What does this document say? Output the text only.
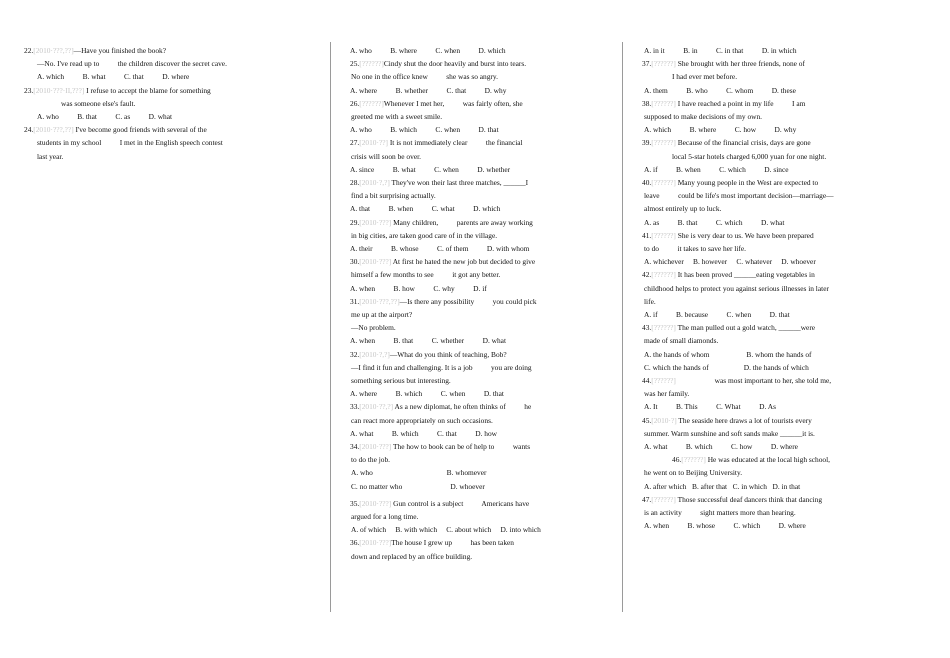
22.[2010·???,??]—Have you finished the book?
—No. I've read up to          the children discover the secret cave.
A. which          B. what          C. that          D. where
23.[2010·???·II,???] I refuse to accept the blame for something
was someone else's fault.
A. who          B. that          C. as          D. what
24.[2010·???,??] I've become good friends with several of the
students in my school          I met in the English speech contest
last year.
A. who          B. where          C. when          D. which
25.[??????]Cindy shut the door heavily and burst into tears.
No one in the office knew          she was so angry.
A. where          B. whether          C. that          D. why
26.[??????]Whenever I met her,          was fairly often, she
greeted me with a sweet smile.
A. who          B. which          C. when          D. that
27.[2010·??] It is not immediately clear          the financial
crisis will soon be over.
A. since          B. what          C. when          D. whether
28.[2010·?,?] They've won their last three matches, ______I
find a bit surprising actually.
A. that          B. when          C. what          D. which
29.[2010·???] Many children,          parents are away working
in big cities, are taken good care of in the village.
A. their          B. whose          C. of them          D. with whom
30.[2010·???] At first he hated the new job but decided to give
himself a few months to see          it got any better.
A. when          B. how          C. why          D. if
31.[2010·???,??]—Is there any possibility          you could pick
me up at the airport?
—No problem.
A. when          B. that          C. whether          D. what
32.[2010·?,?]—What do you think of teaching, Bob?
—I find it fun and challenging. It is a job          you are doing
something serious but interesting.
A. where          B. which          C. when          D. that
33.[2010·??,?] As a new diplomat, he often thinks of          he
can react more appropriately on such occasions.
A. what          B. which          C. that          D. how
34.[2010·???] The how to book can be of help to          wants
to do the job.
A. who                                        B. whomever
C. no matter who                          D. whoever
35.[2010·???] Gun control is a subject          Americans have
argued for a long time.
A. of which     B. with which     C. about which     D. into which
36.[2010·???]The house I grew up          has been taken
down and replaced by an office building.
A. in it          B. in          C. in that          D. in which
37.[??????] She brought with her three friends, none of
I had ever met before.
A. them          B. who          C. whom          D. these
38.[??????] I have reached a point in my life          I am
supposed to make decisions of my own.
A. which          B. where          C. how          D. why
39.[??????] Because of the financial crisis, days are gone
local 5-star hotels charged 6,000 yuan for one night.
A. if          B. when          C. which          D. since
40.[??????] Many young people in the West are expected to
leave          could be life's most important decision—marriage—
almost entirely up to luck.
A. as          B. that          C. which          D. what
41.[??????] She is very dear to us. We have been prepared
to do          it takes to save her life.
A. whichever     B. however     C. whatever     D. whoever
42.[??????] It has been proved ______eating vegetables in
childhood helps to protect you against serious illnesses in later
life.
A. if          B. because          C. when          D. that
43.[??????] The man pulled out a gold watch, ______were
made of small diamonds.
A. the hands of whom                    B. whom the hands of
C. which the hands of                   D. the hands of which
44.[??????]                     was most important to her, she told me,
was her family.
A. It          B. This          C. What          D. As
45.[2010·?] The seaside here draws a lot of tourists every
summer. Warm sunshine and soft sands make ______it is.
A. what          B. which          C. how          D. where
46.[??????] He was educated at the local high school,
he went on to Beijing University.
A. after which   B. after that   C. in which   D. in that
47.[??????] Those successful deaf dancers think that dancing
is an activity          sight matters more than hearing.
A. when          B. whose          C. which          D. where
